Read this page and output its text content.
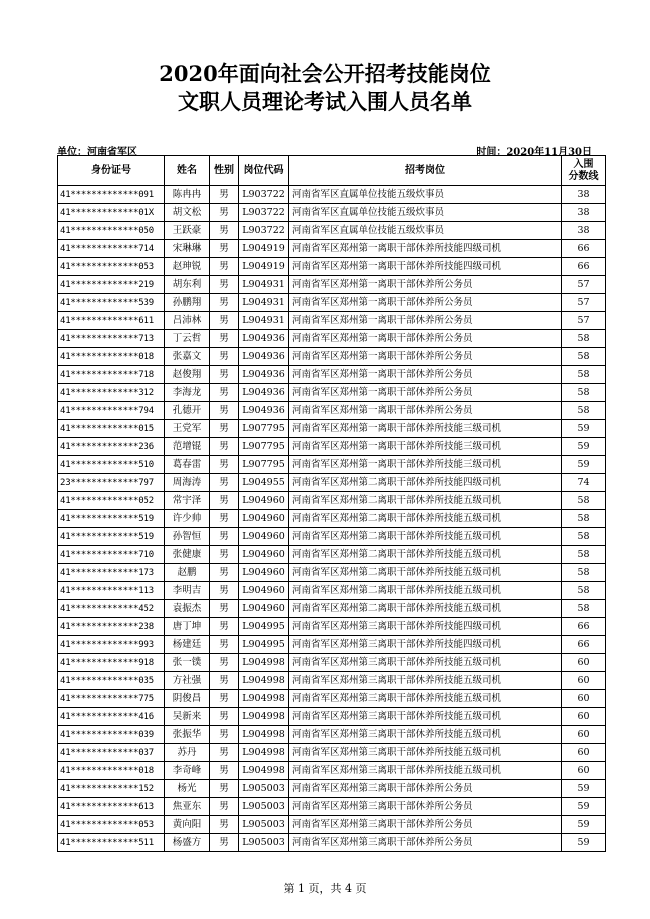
2020年面向社会公开招考技能岗位
文职人员理论考试入围人员名单
单位：河南省军区	时间：2020年11月30日
身份证号	姓名	性别	岗位代码	招考岗位	入围
分数线
41*************091	陈冉冉	男	L903722	河南省军区直属单位技能五级炊事员	38
41*************01X	胡文松	男	L903722	河南省军区直属单位技能五级炊事员	38
41*************050	王跃豪	男	L903722	河南省军区直属单位技能五级炊事员	38
41*************714	宋琳琳	男	L904919	河南省军区郑州第一离职干部休养所技能四级司机	66
41*************053	赵珅锐	男	L904919	河南省军区郑州第一离职干部休养所技能四级司机	66
41*************219	胡东利	男	L904931	河南省军区郑州第一离职干部休养所公务员	57
41*************539	孙鹏翔	男	L904931	河南省军区郑州第一离职干部休养所公务员	57
41*************611	吕沛林	男	L904931	河南省军区郑州第一离职干部休养所公务员	57
41*************713	丁云哲	男	L904936	河南省军区郑州第一离职干部休养所公务员	58
41*************018	张嘉文	男	L904936	河南省军区郑州第一离职干部休养所公务员	58
41*************718	赵俊翔	男	L904936	河南省军区郑州第一离职干部休养所公务员	58
41*************312	李海龙	男	L904936	河南省军区郑州第一离职干部休养所公务员	58
41*************794	孔德开	男	L904936	河南省军区郑州第一离职干部休养所公务员	58
41*************015	王党军	男	L907795	河南省军区郑州第一离职干部休养所技能三级司机	59
41*************236	范增锟	男	L907795	河南省军区郑州第一离职干部休养所技能三级司机	59
41*************510	葛春雷	男	L907795	河南省军区郑州第一离职干部休养所技能三级司机	59
23*************797	周海涛	男	L904955	河南省军区郑州第二离职干部休养所技能四级司机	74
41*************052	常宇泽	男	L904960	河南省军区郑州第二离职干部休养所技能五级司机	58
41*************519	许少帅	男	L904960	河南省军区郑州第二离职干部休养所技能五级司机	58
41*************519	孙智恒	男	L904960	河南省军区郑州第二离职干部休养所技能五级司机	58
41*************710	张健康	男	L904960	河南省军区郑州第二离职干部休养所技能五级司机	58
41*************173	赵鹏	男	L904960	河南省军区郑州第二离职干部休养所技能五级司机	58
41*************113	李明吉	男	L904960	河南省军区郑州第二离职干部休养所技能五级司机	58
41*************452	袁振杰	男	L904960	河南省军区郑州第二离职干部休养所技能五级司机	58
41*************238	唐丁坤	男	L904995	河南省军区郑州第三离职干部休养所技能四级司机	66
41*************993	杨建廷	男	L904995	河南省军区郑州第三离职干部休养所技能四级司机	66
41*************918	张一镤	男	L904998	河南省军区郑州第三离职干部休养所技能五级司机	60
41*************035	方社强	男	L904998	河南省军区郑州第三离职干部休养所技能五级司机	60
41*************775	阴俊昌	男	L904998	河南省军区郑州第三离职干部休养所技能五级司机	60
41*************416	吴新来	男	L904998	河南省军区郑州第三离职干部休养所技能五级司机	60
41*************039	张振华	男	L904998	河南省军区郑州第三离职干部休养所技能五级司机	60
41*************037	苏丹	男	L904998	河南省军区郑州第三离职干部休养所技能五级司机	60
41*************018	李奇峰	男	L904998	河南省军区郑州第三离职干部休养所技能五级司机	60
41*************152	杨光	男	L905003	河南省军区郑州第三离职干部休养所公务员	59
41*************613	焦亚东	男	L905003	河南省军区郑州第三离职干部休养所公务员	59
41*************053	黄向阳	男	L905003	河南省军区郑州第三离职干部休养所公务员	59
41*************511	杨盛方	男	L905003	河南省军区郑州第三离职干部休养所公务员	59
第 1 页，共 4 页
